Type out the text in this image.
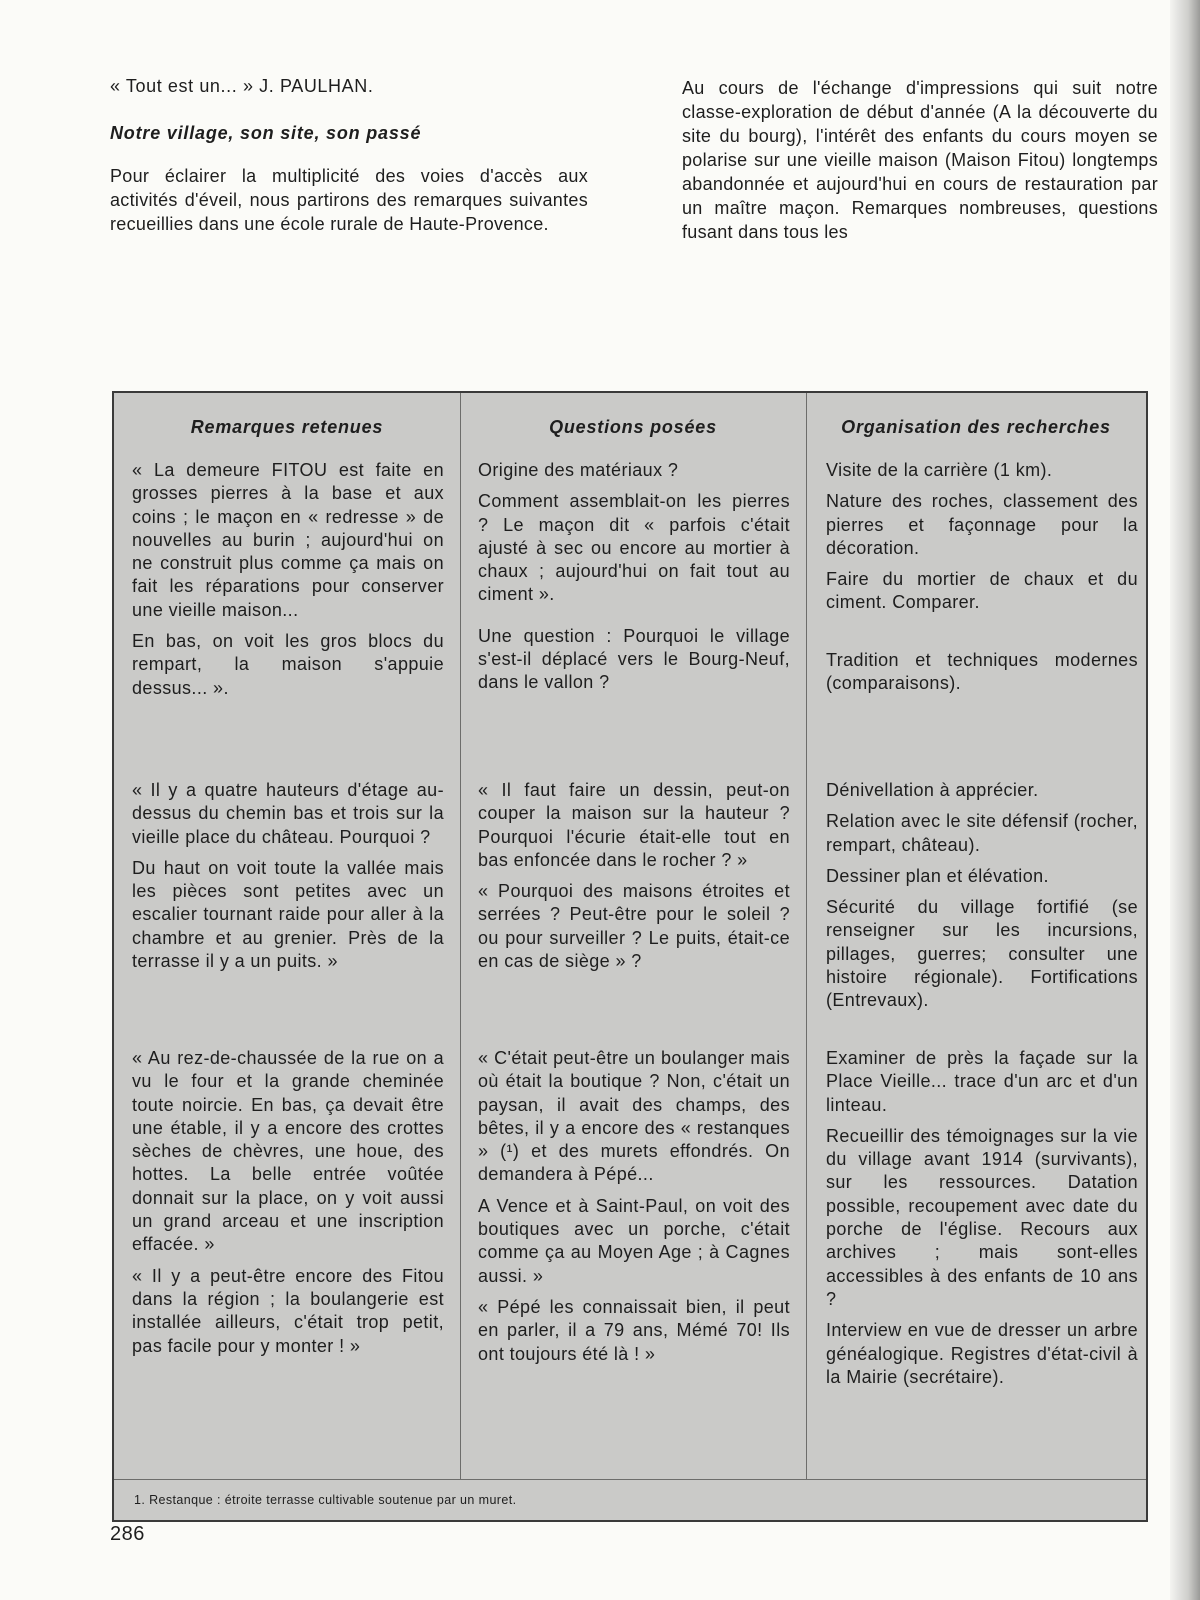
« Tout est un... » J. PAULHAN.

Notre village, son site, son passé

Pour éclairer la multiplicité des voies d'accès aux activités d'éveil, nous partirons des remarques suivantes recueillies dans une école rurale de Haute-Provence.

Au cours de l'échange d'impressions qui suit notre classe-exploration de début d'année (A la découverte du site du bourg), l'intérêt des enfants du cours moyen se polarise sur une vieille maison (Maison Fitou) longtemps abandonnée et aujourd'hui en cours de restauration par un maître maçon. Remarques nombreuses, questions fusant dans tous les

Remarques retenues

« La demeure FITOU est faite en grosses pierres à la base et aux coins ; le maçon en « redresse » de nouvelles au burin ; aujourd'hui on ne construit plus comme ça mais on fait les réparations pour conserver une vieille maison...

En bas, on voit les gros blocs du rempart, la maison s'appuie dessus... ».

« Il y a quatre hauteurs d'étage au-dessus du chemin bas et trois sur la vieille place du château. Pourquoi ?

Du haut on voit toute la vallée mais les pièces sont petites avec un escalier tournant raide pour aller à la chambre et au grenier. Près de la terrasse il y a un puits. »

« Au rez-de-chaussée de la rue on a vu le four et la grande cheminée toute noircie. En bas, ça devait être une étable, il y a encore des crottes sèches de chèvres, une houe, des hottes. La belle entrée voûtée donnait sur la place, on y voit aussi un grand arceau et une inscription effacée. »

« Il y a peut-être encore des Fitou dans la région ; la boulangerie est installée ailleurs, c'était trop petit, pas facile pour y monter ! »

Questions posées

Origine des matériaux ?

Comment assemblait-on les pierres ? Le maçon dit « parfois c'était ajusté à sec ou encore au mortier à chaux ; aujourd'hui on fait tout au ciment ».

Une question : Pourquoi le village s'est-il déplacé vers le Bourg-Neuf, dans le vallon ?

« Il faut faire un dessin, peut-on couper la maison sur la hauteur ? Pourquoi l'écurie était-elle tout en bas enfoncée dans le rocher ? »

« Pourquoi des maisons étroites et serrées ? Peut-être pour le soleil ? ou pour surveiller ? Le puits, était-ce en cas de siège » ?

« C'était peut-être un boulanger mais où était la boutique ? Non, c'était un paysan, il avait des champs, des bêtes, il y a encore des « restanques » (¹) et des murets effondrés. On demandera à Pépé...

A Vence et à Saint-Paul, on voit des boutiques avec un porche, c'était comme ça au Moyen Age ; à Cagnes aussi. »

« Pépé les connaissait bien, il peut en parler, il a 79 ans, Mémé 70! Ils ont toujours été là ! »

Organisation des recherches

Visite de la carrière (1 km).

Nature des roches, classement des pierres et façonnage pour la décoration.

Faire du mortier de chaux et du ciment. Comparer.

Tradition et techniques modernes (comparaisons).

Dénivellation à apprécier.

Relation avec le site défensif (rocher, rempart, château).

Dessiner plan et élévation.

Sécurité du village fortifié (se renseigner sur les incursions, pillages, guerres; consulter une histoire régionale). Fortifications (Entrevaux).

Examiner de près la façade sur la Place Vieille... trace d'un arc et d'un linteau.

Recueillir des témoignages sur la vie du village avant 1914 (survivants), sur les ressources. Datation possible, recoupement avec date du porche de l'église. Recours aux archives ; mais sont-elles accessibles à des enfants de 10 ans ?

Interview en vue de dresser un arbre généalogique. Registres d'état-civil à la Mairie (secrétaire).

1. Restanque : étroite terrasse cultivable soutenue par un muret.

286
